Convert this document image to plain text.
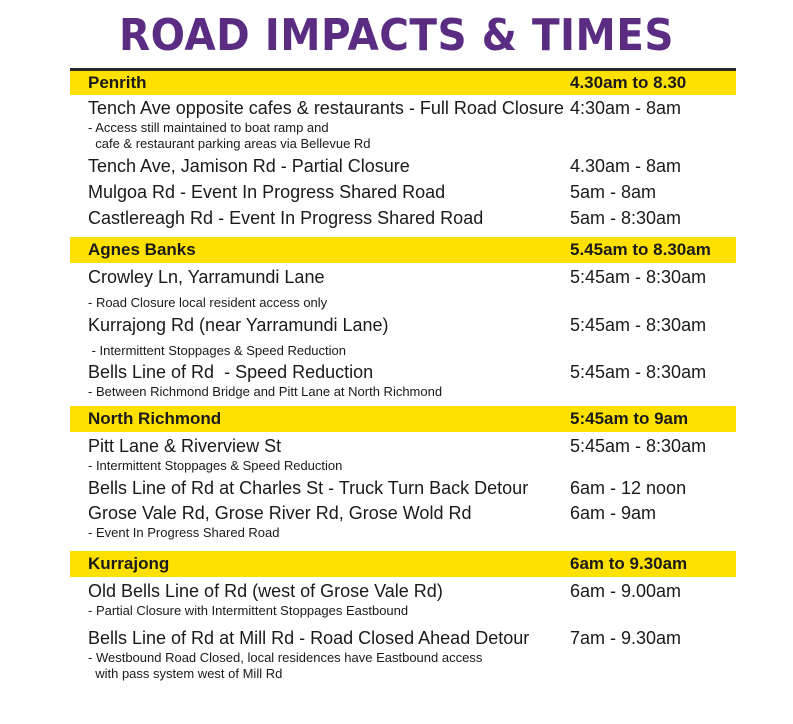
ROAD IMPACTS & TIMES
Penrith	4.30am to 8.30
Tench Ave opposite cafes & restaurants - Full Road Closure 4:30am - 8am
- Access still maintained to boat ramp and
cafe & restaurant parking areas via Bellevue Rd
Tench Ave, Jamison Rd - Partial Closure	4.30am - 8am
Mulgoa Rd - Event In Progress Shared Road	5am - 8am
Castlereagh Rd - Event In Progress Shared Road	5am - 8:30am
Agnes Banks	5.45am to 8.30am
Crowley Ln, Yarramundi Lane	5:45am - 8:30am
- Road Closure local resident access only
Kurrajong Rd (near Yarramundi Lane)	5:45am - 8:30am
- Intermittent Stoppages & Speed Reduction
Bells Line of Rd  - Speed Reduction	5:45am - 8:30am
- Between Richmond Bridge and Pitt Lane at North Richmond
North Richmond	5:45am to 9am
Pitt Lane & Riverview St	5:45am - 8:30am
- Intermittent Stoppages & Speed Reduction
Bells Line of Rd at Charles St - Truck Turn Back Detour	6am - 12 noon
Grose Vale Rd, Grose River Rd, Grose Wold Rd	6am - 9am
- Event In Progress Shared Road
Kurrajong	6am to 9.30am
Old Bells Line of Rd (west of Grose Vale Rd)	6am - 9.00am
- Partial Closure with Intermittent Stoppages Eastbound
Bells Line of Rd at Mill Rd - Road Closed Ahead Detour	7am - 9.30am
- Westbound Road Closed, local residences have Eastbound access
with pass system west of Mill Rd
